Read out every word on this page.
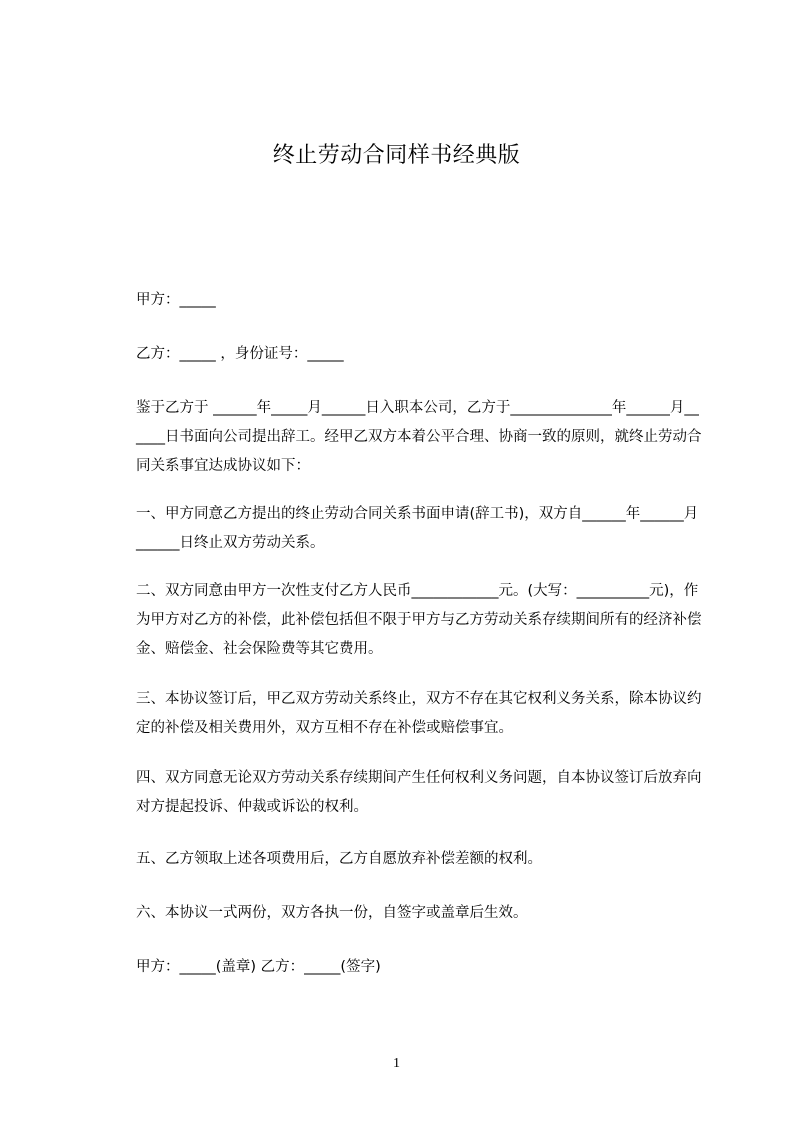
终止劳动合同样书经典版

甲方：_____

乙方：_____ ，身份证号：_____

鉴于乙方于 ______年_____月______日入职本公司，乙方于______________年______月______日书面向公司提出辞工。经甲乙双方本着公平合理、协商一致的原则，就终止劳动合同关系事宜达成协议如下：

一、甲方同意乙方提出的终止劳动合同关系书面申请(辞工书)，双方自______年______月______日终止双方劳动关系。

二、双方同意由甲方一次性支付乙方人民币____________元。(大写：__________元)，作为甲方对乙方的补偿，此补偿包括但不限于甲方与乙方劳动关系存续期间所有的经济补偿金、赔偿金、社会保险费等其它费用。

三、本协议签订后，甲乙双方劳动关系终止，双方不存在其它权利义务关系，除本协议约定的补偿及相关费用外，双方互相不存在补偿或赔偿事宜。

四、双方同意无论双方劳动关系存续期间产生任何权利义务问题，自本协议签订后放弃向对方提起投诉、仲裁或诉讼的权利。

五、乙方领取上述各项费用后，乙方自愿放弃补偿差额的权利。

六、本协议一式两份，双方各执一份，自签字或盖章后生效。

甲方：_____(盖章) 乙方：_____(签字)

1
